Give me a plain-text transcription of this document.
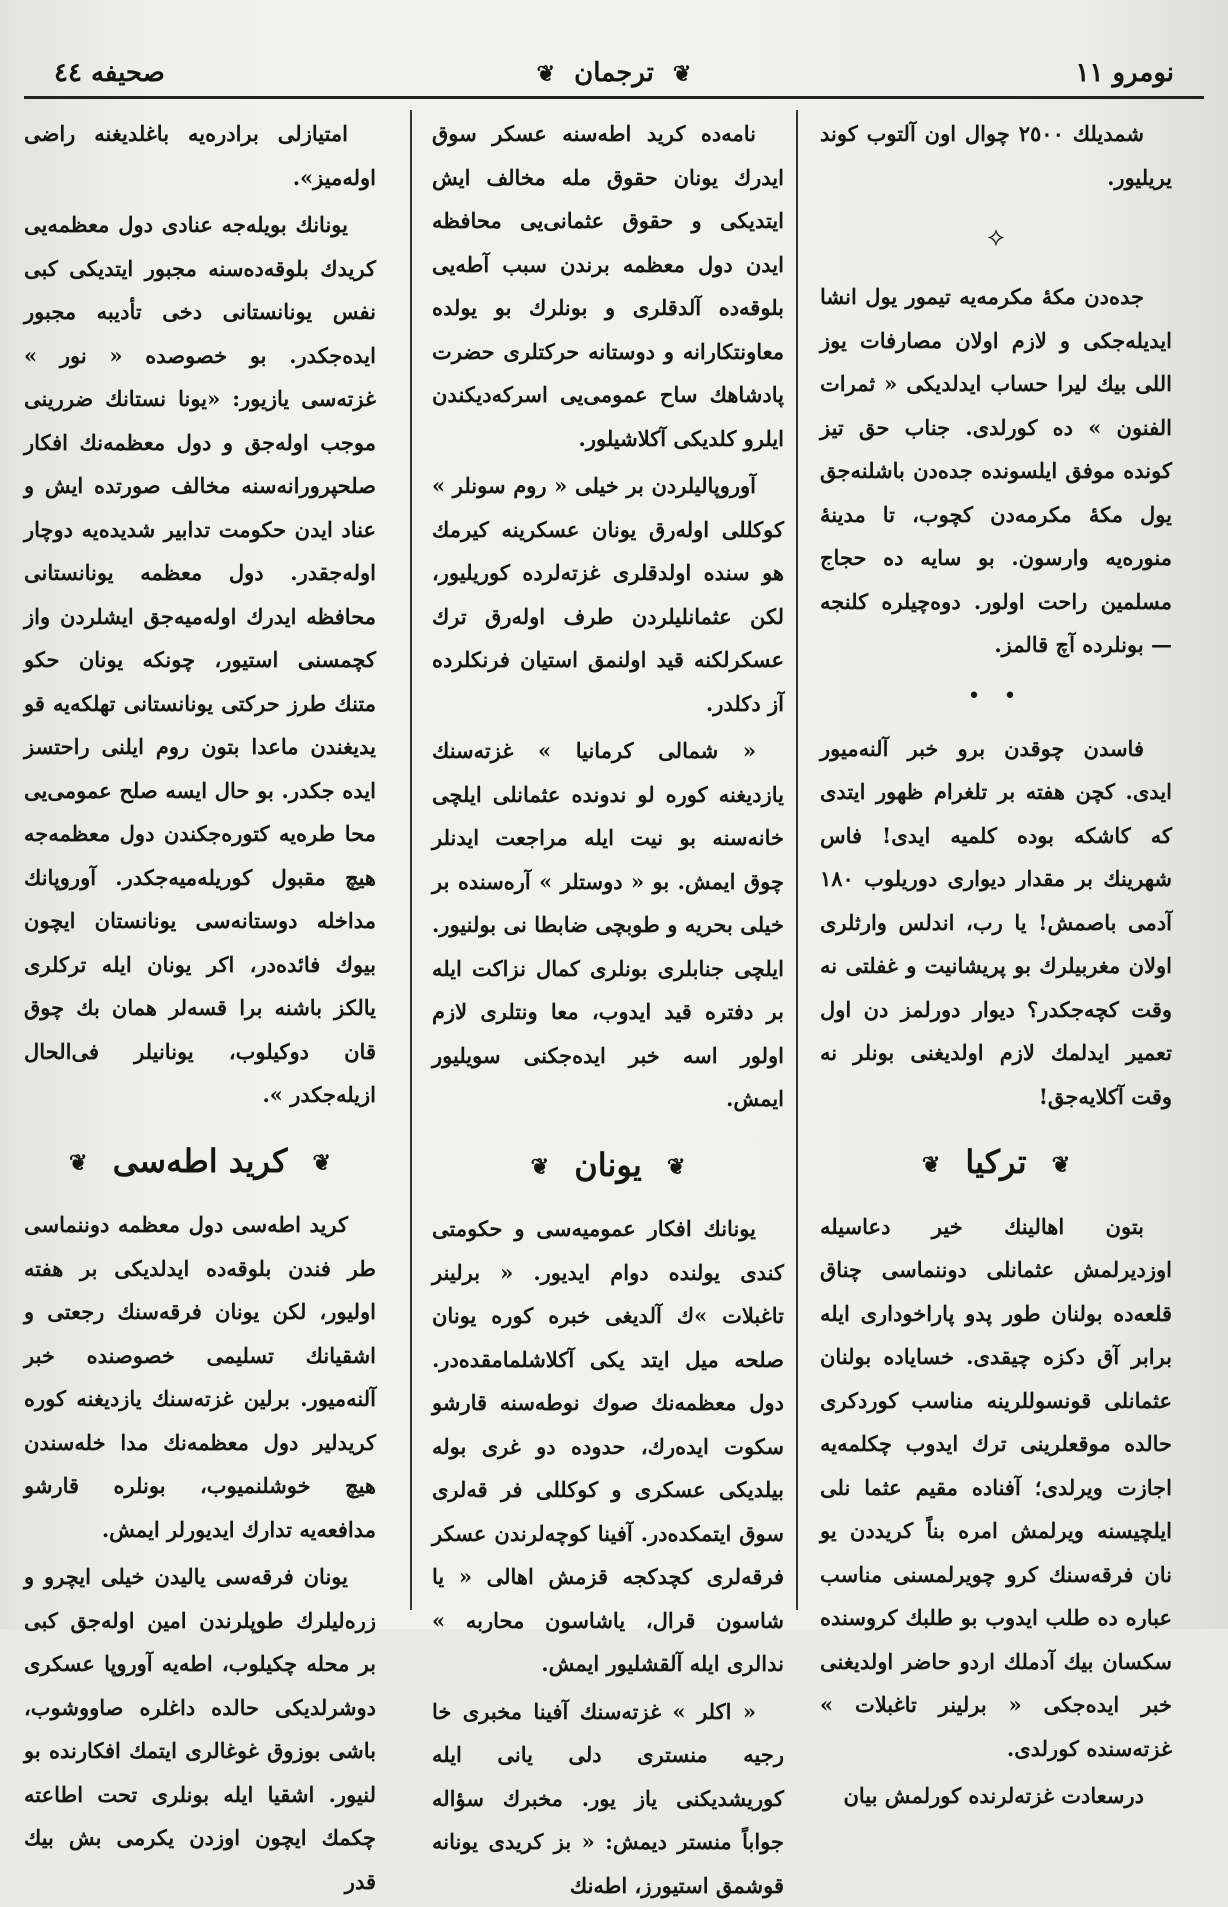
نومرو ١١
❦ ترجمان ❦
صحيفه ٤٤

شمديلك ٢٥٠٠ چوال اون آلتوب كوند يريليور.

⟡

جده‌دن مكهٔ مكرمه‌يه تيمور يول انشا ايديله‌جكى و لازم اولان مصارفات يوز اللى بيك ليرا حساب ايدلديكى « ثمرات الفنون » ده كورلدى. جناب حق تيز كونده موفق ايلسونده جده‌دن باشلنه‌جق يول مكهٔ مكرمه‌دن كچوب، تا مدينهٔ منوره‌يه وارسون. بو سايه ده حجاج مسلمين راحت اولور. دوه‌چيلره كلنجه — بونلرده آچ قالمز.

• •

فاسدن چوقدن برو خبر آلنه‌ميور ايدى. كچن هفته بر تلغرام ظهور ايتدى كه كاشكه بوده كلميه ايدى! فاس شهرينك بر مقدار ديوارى دوريلوب ١٨٠ آدمى باصمش! يا رب، اندلس وارثلرى اولان مغربيلرك بو پريشانيت و غفلتى نه وقت كچه‌جكدر؟ ديوار دورلمز دن اول تعمير ايدلمك لازم اولديغنى بونلر نه وقت آكلايه‌جق!

❦ تركيا ❦

بتون اهالينك خير دعاسيله اوزديرلمش عثمانلى دوننماسى چناق قلعه‌ده بولنان طور پدو پاراخودارى ايله برابر آق دكزه چيقدى. خساياده بولنان عثمانلى قونسوللرينه مناسب كوردكرى حالده موقعلرينى ترك ايدوب چكلمه‌يه اجازت ويرلدى؛ آفناده مقيم عثما نلى ايلچيسنه ويرلمش امره بناً كريددن يو نان فرقه‌سنك كرو چويرلمسنى مناسب عباره ده طلب ايدوب بو طلبك كروسنده سكسان بيك آدملك اردو حاضر اولديغنى خبر ايده‌جكى « برلينر تاغبلات » غزته‌سنده كورلدى.

درسعادت غزته‌لرنده كورلمش بيان

نامه‌ده كريد اطه‌سنه عسكر سوق ايدرك يونان حقوق مله مخالف ايش ايتديكى و حقوق عثمانى‌يى محافظه ايدن دول معظمه برندن سبب آطه‌يى بلوقه‌ده آلدقلرى و بونلرك بو يولده معاونتكارانه و دوستانه حركتلرى حضرت پادشاهك ساح عمومى‌يى اسركه‌ديكندن ايلرو كلديكى آكلاشيلور.

آوروپاليلردن بر خيلى « روم سونلر » كوكللى اوله‌رق يونان عسكرينه كيرمك هو سنده اولدقلرى غزته‌لرده كوريليور، لكن عثمانليلردن طرف اوله‌رق ترك عسكرلكنه قيد اولنمق استيان فرنكلرده آز دكلدر.

« شمالى كرمانيا » غزته‌سنك يازديغنه كوره لو ندونده عثمانلى ايلچى خانه‌سنه بو نيت ايله مراجعت ايدنلر چوق ايمش. بو « دوستلر » آره‌سنده بر خيلى بحريه و طوبچى ضابطا نى بولنيور. ايلچى جنابلرى بونلرى كمال نزاكت ايله بر دفتره قيد ايدوب، معا ونتلرى لازم اولور اسه خبر ايده‌جكنى سويليور ايمش.

❦ يونان ❦

يونانك افكار عموميه‌سى و حكومتى كندى يولنده دوام ايديور. « برلينر تاغبلات »ك آلديغى خبره كوره يونان صلحه ميل ايتد يكى آكلاشلمامقده‌در. دول معظمه‌نك صوك نوطه‌سنه قارشو سكوت ايده‌رك، حدوده دو غرى بوله بيلديكى عسكرى و كوكللى فر قه‌لرى سوق ايتمكده‌در. آفينا كوچه‌لرندن عسكر فرقه‌لرى كچدكجه قزمش اهالى « يا شاسون قرال، ياشاسون محاربه » ندالرى ايله آلقشليور ايمش.

« اكلر » غزته‌سنك آفينا مخبرى خا رجيه منسترى دلى يانى ايله كوريشديكنى ياز يور. مخبرك سؤاله جواباً منستر ديمش: « بز كريدى يونانه قوشمق استيورز، اطه‌نك

امتيازلى برادره‌يه باغلديغنه راضى اوله‌ميز».

يونانك بويله‌جه عنادى دول معظمه‌يى كريدك بلوقه‌ده‌سنه مجبور ايتديكى كبى نفس يونانستانى دخى تأديبه مجبور ايده‌جكدر. بو خصوصده « نور » غزته‌سى يازيور: «يونا نستانك ضررينى موجب اوله‌جق و دول معظمه‌نك افكار صلحپرورانه‌سنه مخالف صورتده ايش و عناد ايدن حكومت تدابير شديده‌يه دوچار اوله‌جقدر. دول معظمه يونانستانى محافظه ايدرك اوله‌ميه‌جق ايشلردن واز كچمسنى استيور، چونكه يونان حكو متنك طرز حركتى يونانستانى تهلكه‌يه قو يديغندن ماعدا بتون روم ايلنى راحتسز ايده جكدر. بو حال ايسه صلح عمومى‌يى محا طره‌يه كتوره‌جكندن دول معظمه‌جه هيچ مقبول كوريله‌ميه‌جكدر. آوروپانك مداخله دوستانه‌سى يونانستان ايچون بيوك فائده‌در، اكر يونان ايله تركلرى يالكز باشنه برا قسه‌لر همان بك چوق قان دوكيلوب، يونانيلر فى‌الحال ازيله‌جكدر ».

❦ كريد اطه‌سى ❦

كريد اطه‌سى دول معظمه دوننماسى طر فندن بلوقه‌ده ايدلديكى بر هفته اوليور، لكن يونان فرقه‌سنك رجعتى و اشقيانك تسليمى خصوصنده خبر آلنه‌ميور. برلين غزته‌سنك يازديغنه كوره كريدلير دول معظمه‌نك مدا خله‌سندن هيچ خوشلنميوب، بونلره قارشو مدافعه‌يه تدارك ايديورلر ايمش.

يونان فرقه‌سى ياليدن خيلى ايچرو و زره‌ليلرك طوپلرندن امين اوله‌جق كبى بر محله چكيلوب، اطه‌يه آوروپا عسكرى دوشرلديكى حالده داغلره صاووشوب، باشى بوزوق غوغالرى ايتمك افكارنده بو لنيور. اشقيا ايله بونلرى تحت اطاعته چكمك ايچون اوزدن يكرمى بش بيك قدر
